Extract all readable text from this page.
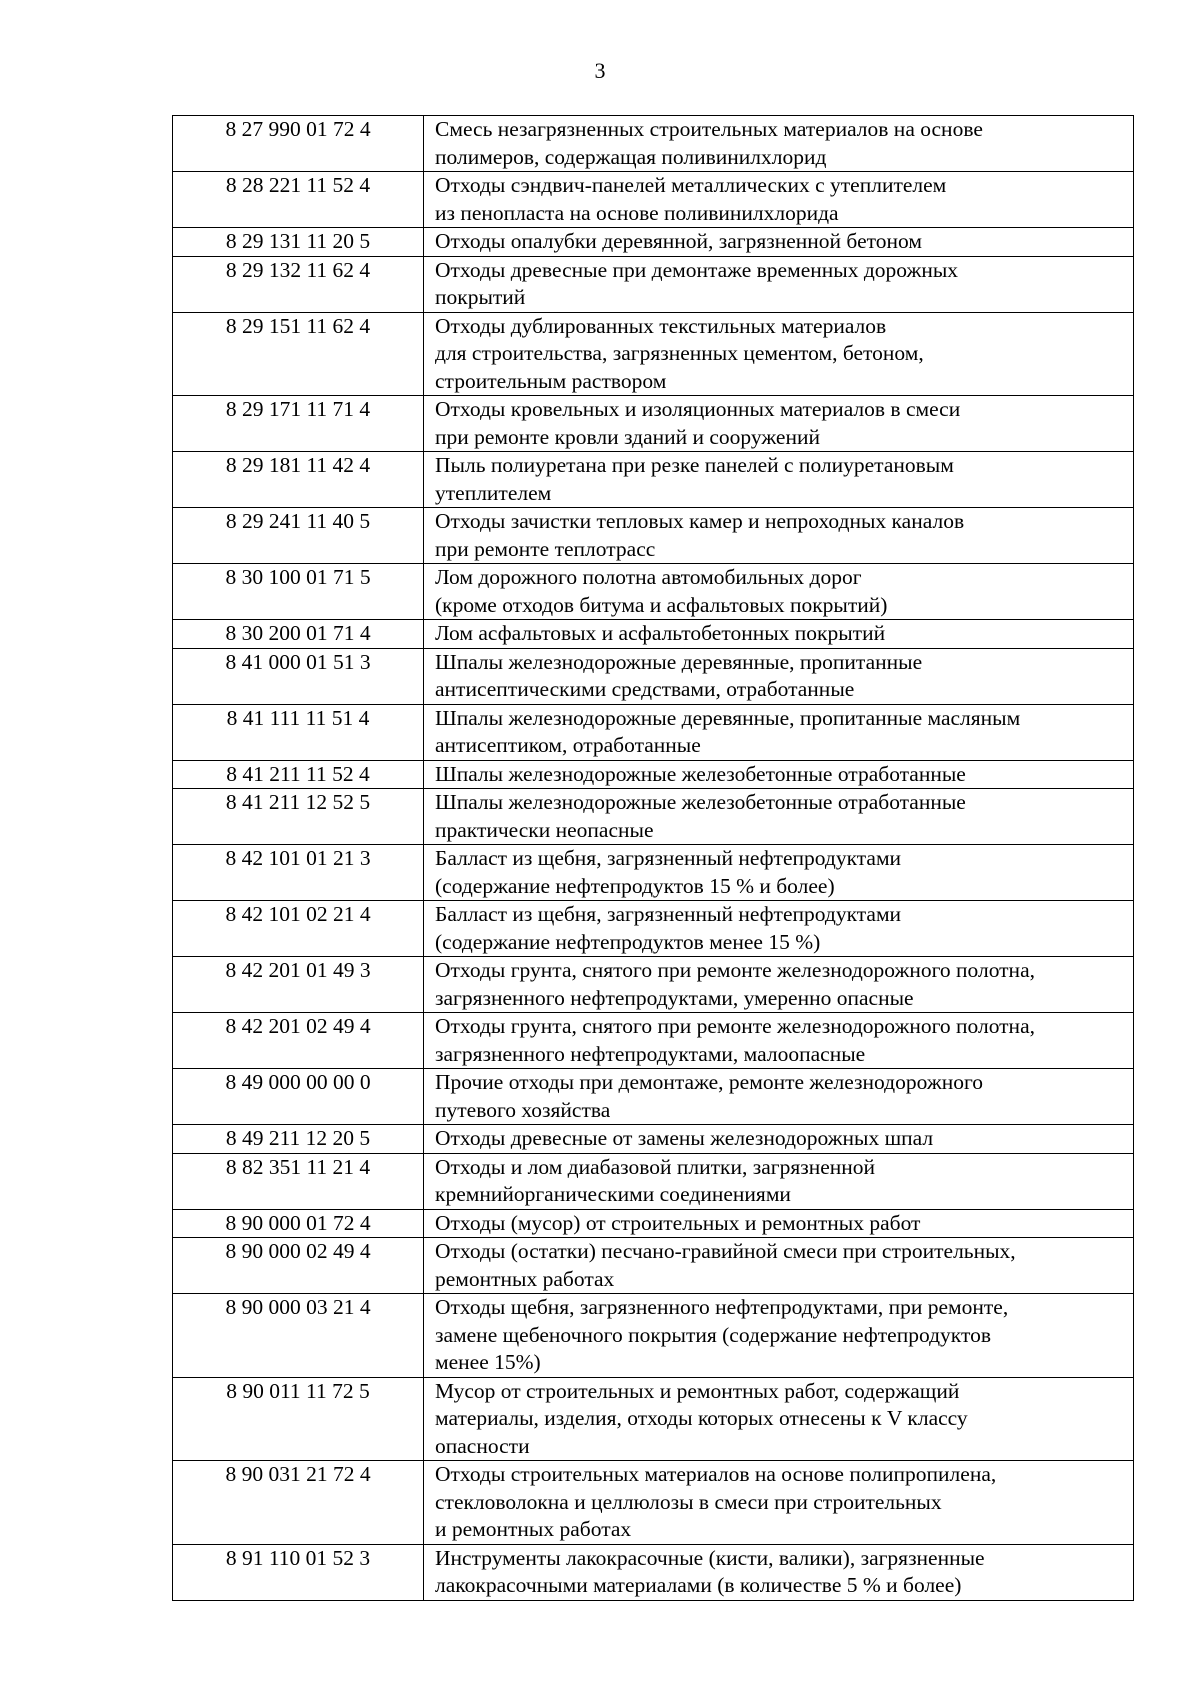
3
8 27 990 01 72 4	Смесь незагрязненных строительных материалов на основе
полимеров, содержащая поливинилхлорид

8 28 221 11 52 4	Отходы сэндвич-панелей металлических с утеплителем
из пенопласта на основе поливинилхлорида

8 29 131 11 20 5	Отходы опалубки деревянной, загрязненной бетоном

8 29 132 11 62 4	Отходы древесные при демонтаже временных дорожных
покрытий

8 29 151 11 62 4	Отходы дублированных текстильных материалов
для строительства, загрязненных цементом, бетоном,
строительным раствором

8 29 171 11 71 4	Отходы кровельных и изоляционных материалов в смеси
при ремонте кровли зданий и сооружений

8 29 181 11 42 4	Пыль полиуретана при резке панелей с полиуретановым
утеплителем

8 29 241 11 40 5	Отходы зачистки тепловых камер и непроходных каналов
при ремонте теплотрасс

8 30 100 01 71 5	Лом дорожного полотна автомобильных дорог
(кроме отходов битума и асфальтовых покрытий)

8 30 200 01 71 4	Лом асфальтовых и асфальтобетонных покрытий

8 41 000 01 51 3	Шпалы железнодорожные деревянные, пропитанные
антисептическими средствами, отработанные

8 41 111 11 51 4	Шпалы железнодорожные деревянные, пропитанные масляным
антисептиком, отработанные

8 41 211 11 52 4	Шпалы железнодорожные железобетонные отработанные

8 41 211 12 52 5	Шпалы железнодорожные железобетонные отработанные
практически неопасные

8 42 101 01 21 3	Балласт из щебня, загрязненный нефтепродуктами
(содержание нефтепродуктов 15 % и более)

8 42 101 02 21 4	Балласт из щебня, загрязненный нефтепродуктами
(содержание нефтепродуктов менее 15 %)

8 42 201 01 49 3	Отходы грунта, снятого при ремонте железнодорожного полотна,
загрязненного нефтепродуктами, умеренно опасные

8 42 201 02 49 4	Отходы грунта, снятого при ремонте железнодорожного полотна,
загрязненного нефтепродуктами, малоопасные

8 49 000 00 00 0	Прочие отходы при демонтаже, ремонте железнодорожного
путевого хозяйства

8 49 211 12 20 5	Отходы древесные от замены железнодорожных шпал

8 82 351 11 21 4	Отходы и лом диабазовой плитки, загрязненной
кремнийорганическими соединениями

8 90 000 01 72 4	Отходы (мусор) от строительных и ремонтных работ

8 90 000 02 49 4	Отходы (остатки) песчано-гравийной смеси при строительных,
ремонтных работах

8 90 000 03 21 4	Отходы щебня, загрязненного нефтепродуктами, при ремонте,
замене щебеночного покрытия (содержание нефтепродуктов
менее 15%)

8 90 011 11 72 5	Мусор от строительных и ремонтных работ, содержащий
материалы, изделия, отходы которых отнесены к V классу
опасности

8 90 031 21 72 4	Отходы строительных материалов на основе полипропилена,
стекловолокна и целлюлозы в смеси при строительных
и ремонтных работах

8 91 110 01 52 3	Инструменты лакокрасочные (кисти, валики), загрязненные
лакокрасочными материалами (в количестве 5 % и более)
